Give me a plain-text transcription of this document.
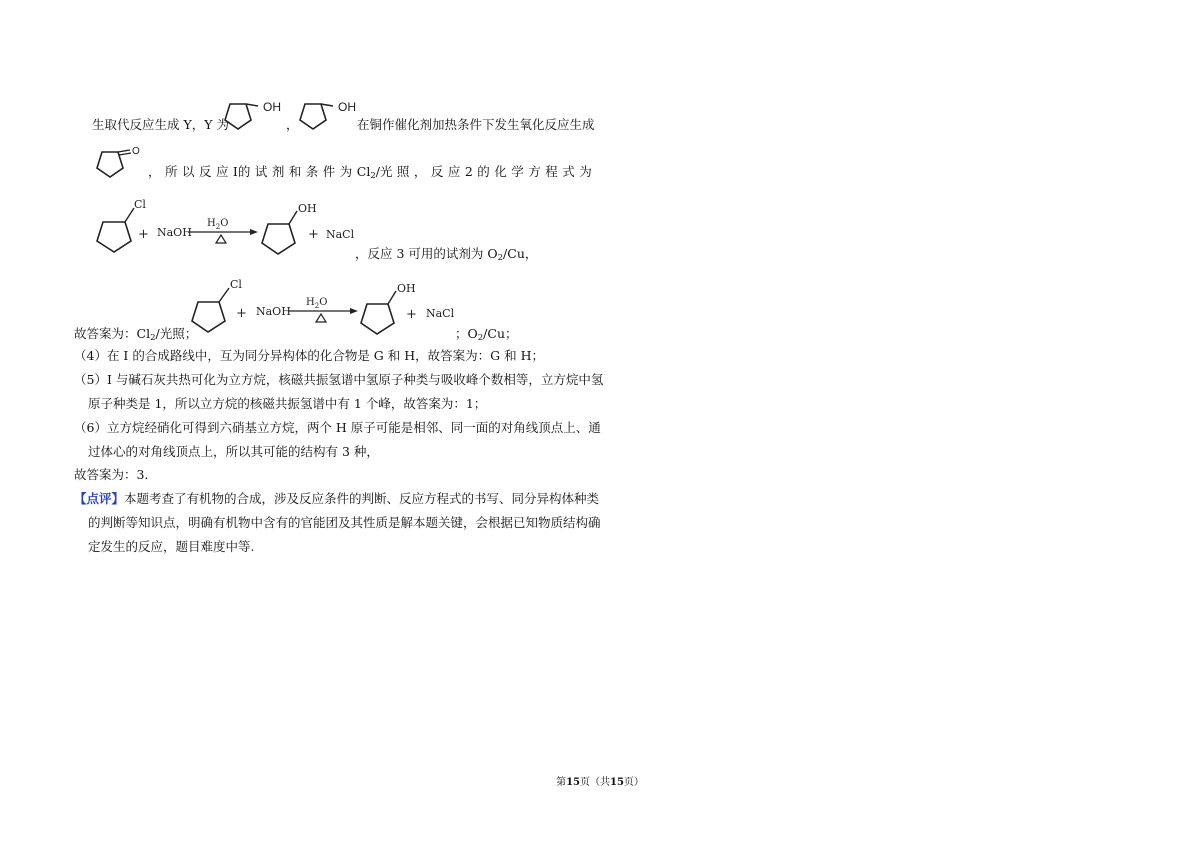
生取代反应生成 Y，Y 为
OH
，
OH
在铜作催化剂加热条件下发生氧化反应生成
O
， 所 以 反 应 I的 试 剂 和 条 件 为 $Cl_2/$光 照 ， 反 应 2 的 化 学 方 程 式 为
Cl
+ NaOH
$H_2O$
OH
+ NaCl
，反应 3 可用的试剂为 $O_2/Cu$，
故答案为：$Cl_2/$光照；
Cl
+ NaOH
$H_2O$
OH
+ NaCl
；$O_2/Cu$；
（4）在 I 的合成路线中，互为同分异构体的化合物是 G 和 H，故答案为：G 和 H；
（5）I 与碱石灰共热可化为立方烷，核磁共振氢谱中氢原子种类与吸收峰个数相等，立方烷中氢
原子种类是 1，所以立方烷的核磁共振氢谱中有 1 个峰，故答案为：1；
（6）立方烷经硝化可得到六硝基立方烷，两个 H 原子可能是相邻、同一面的对角线顶点上、通
过体心的对角线顶点上，所以其可能的结构有 3 种，
故答案为：3．
【点评】本题考查了有机物的合成，涉及反应条件的判断、反应方程式的书写、同分异构体种类
的判断等知识点，明确有机物中含有的官能团及其性质是解本题关键，会根据已知物质结构确
定发生的反应，题目难度中等.
第15页（共15页）
